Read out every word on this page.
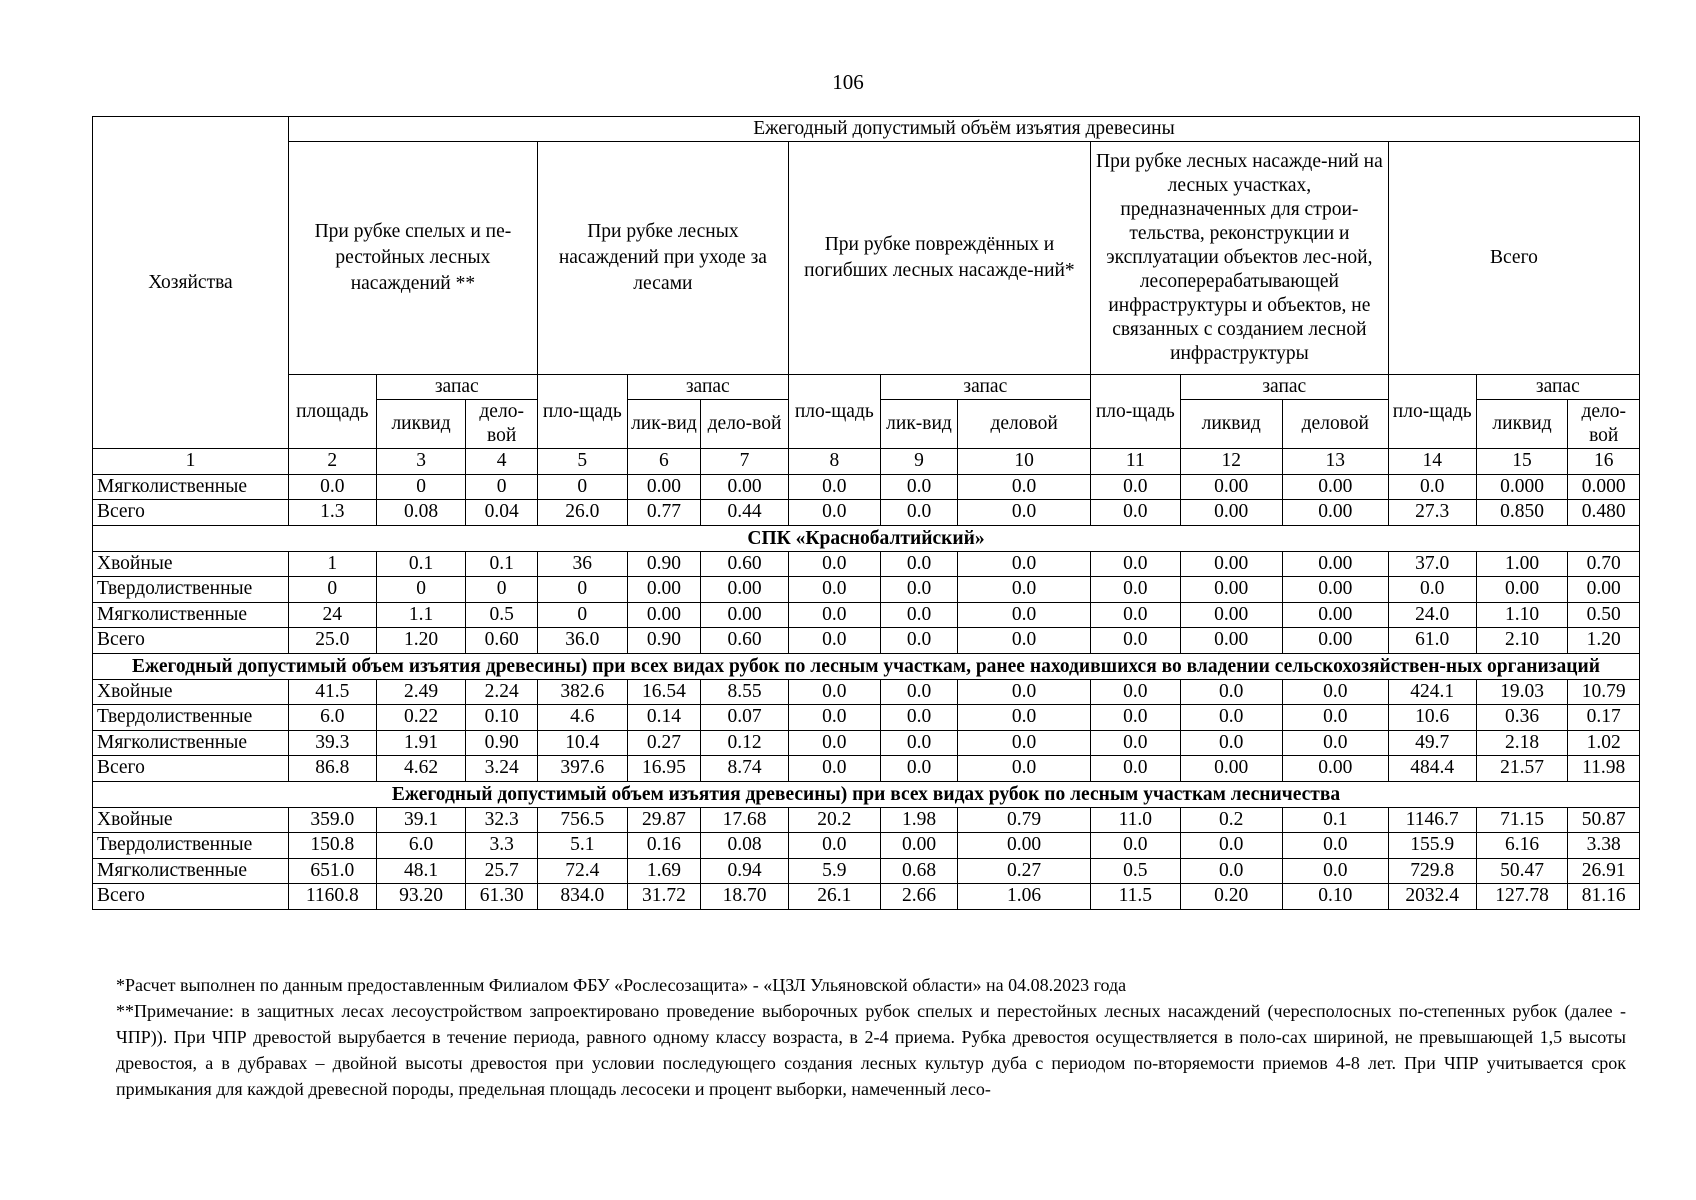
106
Хозяйства	Ежегодный допустимый объём изъятия древесины														
	При рубке спелых и пе-рестойных лесных насаждений **			При рубке лесных насаждений при уходе за лесами			При рубке повреждённых и погибших лесных насажде-ний*			При рубке лесных насажде-ний на лесных участках, предназначенных для строи-тельства, реконструкции и эксплуатации объектов лес-ной, лесоперерабатывающей инфраструктуры и объектов, не связанных с созданием лесной инфраструктуры			Всего		
	площадь	запас		пло-щадь	запас		пло-щадь	запас		пло-щадь	запас		пло-щадь	запас	
		ликвид	дело-вой		лик-вид	дело-вой		лик-вид	деловой		ликвид	деловой		ликвид	дело-вой
1	2	3	4	5	6	7	8	9	10	11	12	13	14	15	16
Мягколиственные	0.0	0	0	0	0.00	0.00	0.0	0.0	0.0	0.0	0.00	0.00	0.0	0.000	0.000
Всего	1.3	0.08	0.04	26.0	0.77	0.44	0.0	0.0	0.0	0.0	0.00	0.00	27.3	0.850	0.480
СПК «Краснобалтийский»															
Хвойные	1	0.1	0.1	36	0.90	0.60	0.0	0.0	0.0	0.0	0.00	0.00	37.0	1.00	0.70
Твердолиственные	0	0	0	0	0.00	0.00	0.0	0.0	0.0	0.0	0.00	0.00	0.0	0.00	0.00
Мягколиственные	24	1.1	0.5	0	0.00	0.00	0.0	0.0	0.0	0.0	0.00	0.00	24.0	1.10	0.50
Всего	25.0	1.20	0.60	36.0	0.90	0.60	0.0	0.0	0.0	0.0	0.00	0.00	61.0	2.10	1.20
Ежегодный допустимый объем изъятия древесины) при всех видах рубок по лесным участкам, ранее находившихся во владении сельскохозяйствен-ных организаций															
Хвойные	41.5	2.49	2.24	382.6	16.54	8.55	0.0	0.0	0.0	0.0	0.0	0.0	424.1	19.03	10.79
Твердолиственные	6.0	0.22	0.10	4.6	0.14	0.07	0.0	0.0	0.0	0.0	0.0	0.0	10.6	0.36	0.17
Мягколиственные	39.3	1.91	0.90	10.4	0.27	0.12	0.0	0.0	0.0	0.0	0.0	0.0	49.7	2.18	1.02
Всего	86.8	4.62	3.24	397.6	16.95	8.74	0.0	0.0	0.0	0.0	0.00	0.00	484.4	21.57	11.98
Ежегодный допустимый объем изъятия древесины) при всех видах рубок по лесным участкам лесничества															
Хвойные	359.0	39.1	32.3	756.5	29.87	17.68	20.2	1.98	0.79	11.0	0.2	0.1	1146.7	71.15	50.87
Твердолиственные	150.8	6.0	3.3	5.1	0.16	0.08	0.0	0.00	0.00	0.0	0.0	0.0	155.9	6.16	3.38
Мягколиственные	651.0	48.1	25.7	72.4	1.69	0.94	5.9	0.68	0.27	0.5	0.0	0.0	729.8	50.47	26.91
Всего	1160.8	93.20	61.30	834.0	31.72	18.70	26.1	2.66	1.06	11.5	0.20	0.10	2032.4	127.78	81.16

*Расчет выполнен по данным предоставленным Филиалом ФБУ «Рослесозащита» - «ЦЗЛ Ульяновской области» на 04.08.2023 года

**Примечание: в защитных лесах лесоустройством запроектировано проведение выборочных рубок спелых и перестойных лесных насаждений (чересполосных по-степенных рубок (далее - ЧПР)). При ЧПР древостой вырубается в течение периода, равного одному классу возраста, в 2-4 приема. Рубка древостоя осуществляется в поло-сах шириной, не превышающей 1,5 высоты древостоя, а в дубравах – двойной высоты древостоя при условии последующего создания лесных культур дуба с периодом по-вторяемости приемов 4-8 лет. При ЧПР учитывается срок примыкания для каждой древесной породы, предельная площадь лесосеки и процент выборки, намеченный лесо-
